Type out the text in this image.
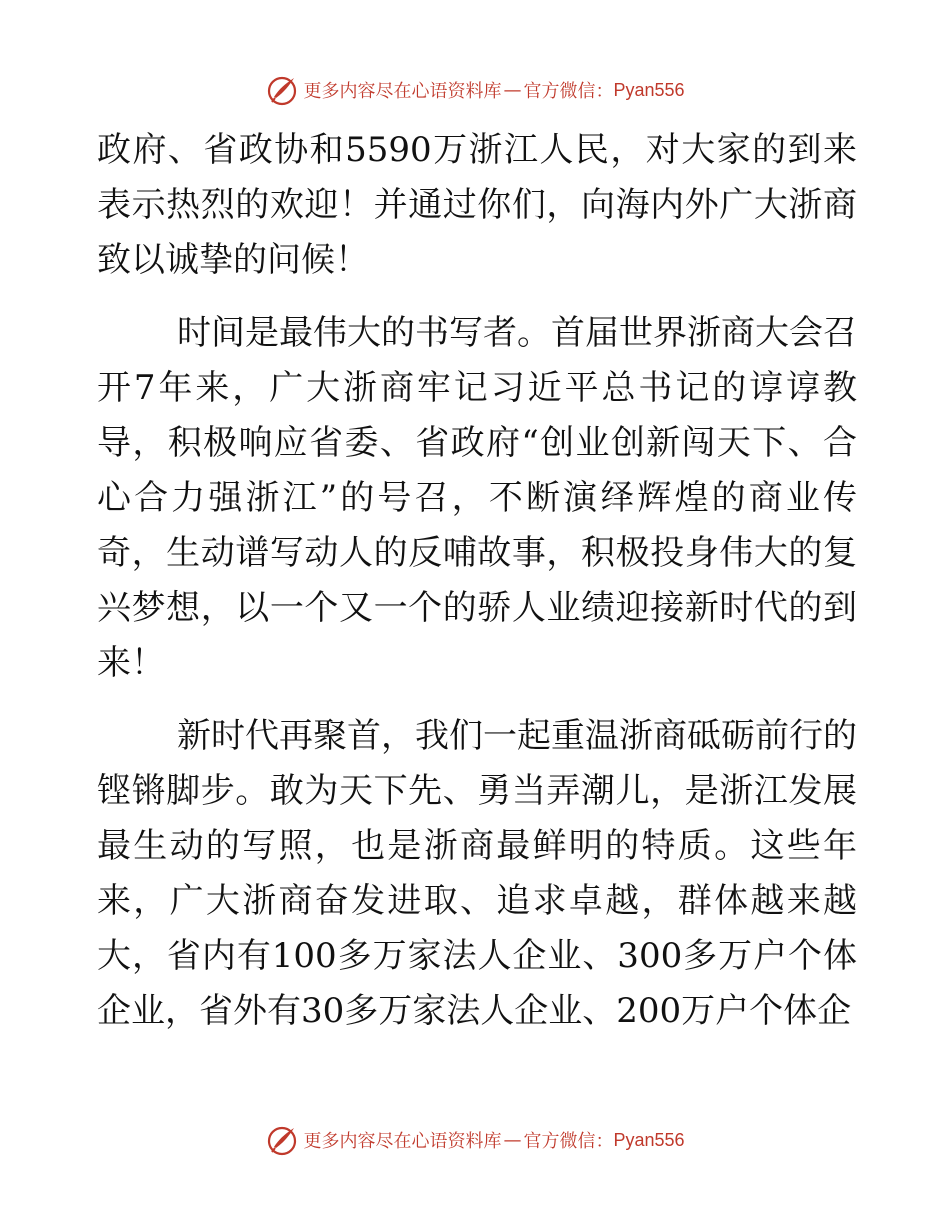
更多内容尽在心语资料库 — 官方微信： Pyan556

政府、省政协和5590万浙江人民，对大家的到来表示热烈的欢迎！并通过你们，向海内外广大浙商致以诚挚的问候！

时间是最伟大的书写者。首届世界浙商大会召开7年来，广大浙商牢记习近平总书记的谆谆教导，积极响应省委、省政府“创业创新闯天下、合心合力强浙江”的号召，不断演绎辉煌的商业传奇，生动谱写动人的反哺故事，积极投身伟大的复兴梦想，以一个又一个的骄人业绩迎接新时代的到来！

新时代再聚首，我们一起重温浙商砥砺前行的铿锵脚步。敢为天下先、勇当弄潮儿，是浙江发展最生动的写照，也是浙商最鲜明的特质。这些年来，广大浙商奋发进取、追求卓越，群体越来越大，省内有100多万家法人企业、300多万户个体企业，省外有30多万家法人企业、200万户个体企

更多内容尽在心语资料库 — 官方微信： Pyan556
